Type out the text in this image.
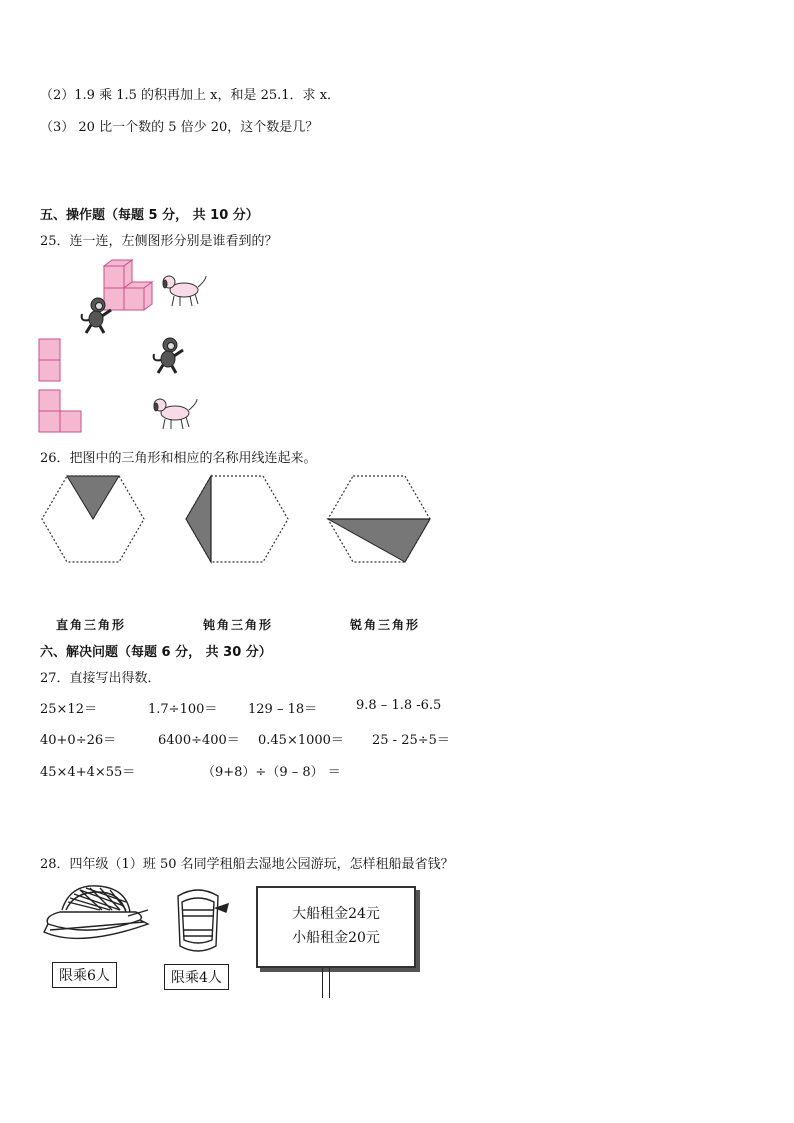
（2）1.9 乘 1.5 的积再加上 x，和是 25.1．求 x．
（3） 20 比一个数的 5 倍少 20，这个数是几？
五、操作题（每题 5 分， 共 10 分）
25．连一连，左侧图形分别是谁看到的？
26．把图中的三角形和相应的名称用线连起来。
直角三角形	钝角三角形	锐角三角形
六、解决问题（每题 6 分， 共 30 分）
27．直接写出得数．
25×12＝	1.7÷100＝ 129 – 18＝	9.8 – 1.8 -6.5
40+0÷26＝	6400÷400＝ 0.45×1000＝ 25 - 25÷5＝
45×4+4×55＝	（9+8）÷（9 – 8） ＝
28．四年级（1）班 50 名同学租船去湿地公园游玩，怎样租船最省钱？
限乘6人	限乘4人
大船租金24元
小船租金20元
